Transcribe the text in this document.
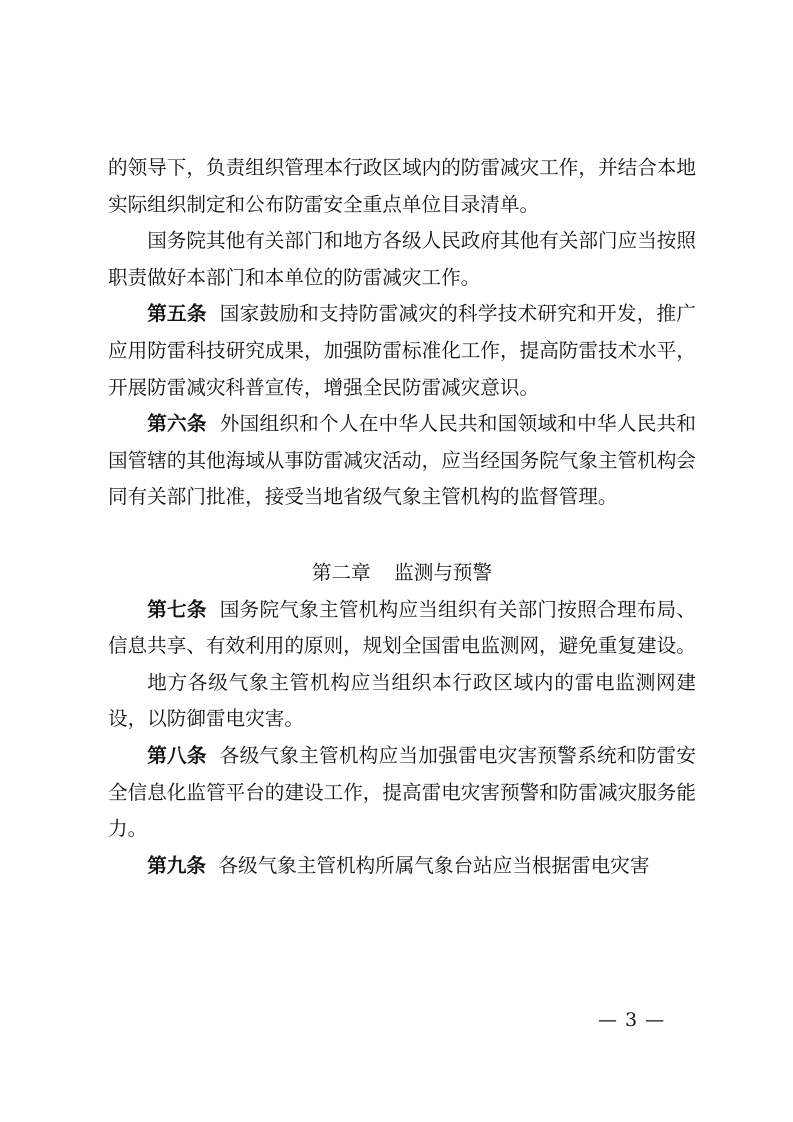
的领导下，负责组织管理本行政区域内的防雷减灾工作，并结合本地实际组织制定和公布防雷安全重点单位目录清单。

国务院其他有关部门和地方各级人民政府其他有关部门应当按照职责做好本部门和本单位的防雷减灾工作。

第五条 国家鼓励和支持防雷减灾的科学技术研究和开发，推广应用防雷科技研究成果，加强防雷标准化工作，提高防雷技术水平，开展防雷减灾科普宣传，增强全民防雷减灾意识。

第六条 外国组织和个人在中华人民共和国领域和中华人民共和国管辖的其他海域从事防雷减灾活动，应当经国务院气象主管机构会同有关部门批准，接受当地省级气象主管机构的监督管理。

第二章 监测与预警

第七条 国务院气象主管机构应当组织有关部门按照合理布局、信息共享、有效利用的原则，规划全国雷电监测网，避免重复建设。

地方各级气象主管机构应当组织本行政区域内的雷电监测网建设，以防御雷电灾害。

第八条 各级气象主管机构应当加强雷电灾害预警系统和防雷安全信息化监管平台的建设工作，提高雷电灾害预警和防雷减灾服务能力。

第九条 各级气象主管机构所属气象台站应当根据雷电灾害

— 3 —
